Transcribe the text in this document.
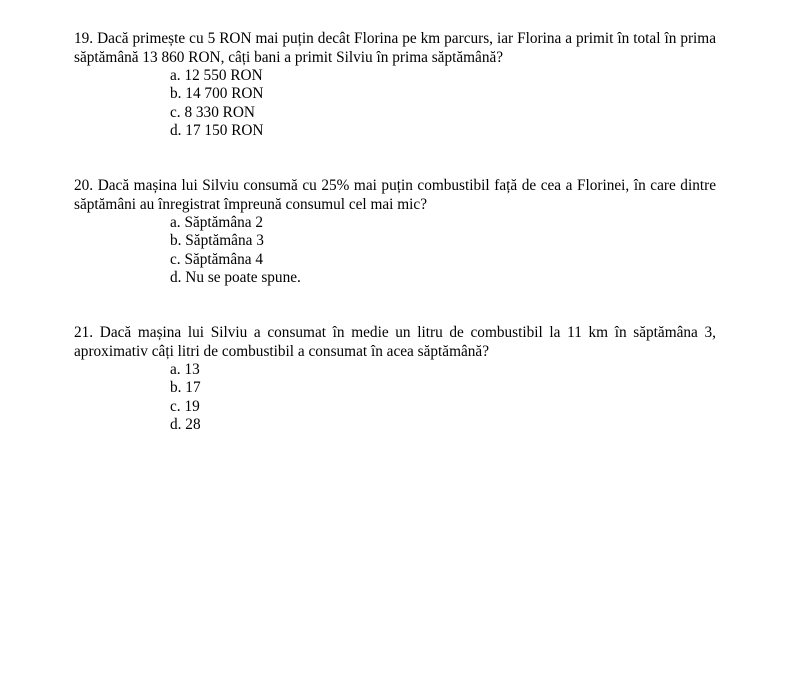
19. Dacă primește cu 5 RON mai puțin decât Florina pe km parcurs, iar Florina a primit în total în prima săptămână 13 860 RON, câți bani a primit Silviu în prima săptămână?

a. 12 550 RON
b. 14 700 RON
c. 8 330 RON
d. 17 150 RON

20. Dacă mașina lui Silviu consumă cu 25% mai puțin combustibil față de cea a Florinei, în care dintre săptămâni au înregistrat împreună consumul cel mai mic?

a. Săptămâna 2
b. Săptămâna 3
c. Săptămâna 4
d. Nu se poate spune.

21. Dacă mașina lui Silviu a consumat în medie un litru de combustibil la 11 km în săptămâna 3, aproximativ câți litri de combustibil a consumat în acea săptămână?

a. 13
b. 17
c. 19
d. 28
